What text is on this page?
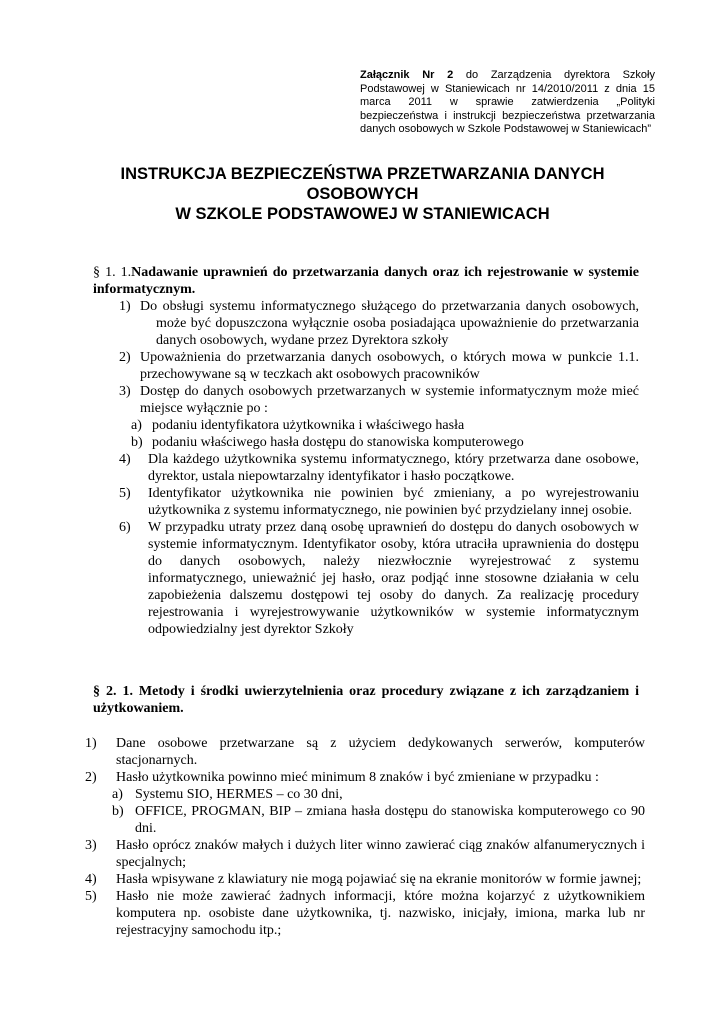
Załącznik Nr 2 do Zarządzenia dyrektora Szkoły Podstawowej w Staniewicach nr 14/2010/2011 z dnia 15 marca 2011 w sprawie zatwierdzenia „Polityki bezpieczeństwa i instrukcji bezpieczeństwa przetwarzania danych osobowych w Szkole Podstawowej w Staniewicach”
INSTRUKCJA BEZPIECZEŃSTWA PRZETWARZANIA DANYCH
OSOBOWYCH
W SZKOLE PODSTAWOWEJ W STANIEWICACH
§ 1. 1.Nadawanie uprawnień do przetwarzania danych oraz ich rejestrowanie w systemie informatycznym.
1) Do obsługi systemu informatycznego służącego do przetwarzania danych osobowych, może być dopuszczona wyłącznie osoba posiadająca upoważnienie do przetwarzania danych osobowych, wydane przez Dyrektora szkoły
2) Upoważnienia do przetwarzania danych osobowych, o których mowa w punkcie 1.1. przechowywane są w teczkach akt osobowych pracowników
3) Dostęp do danych osobowych przetwarzanych w systemie informatycznym może mieć miejsce wyłącznie po :
a) podaniu identyfikatora użytkownika i właściwego hasła
b) podaniu właściwego hasła dostępu do stanowiska komputerowego
4) Dla każdego użytkownika systemu informatycznego, który przetwarza dane osobowe, dyrektor, ustala niepowtarzalny identyfikator i hasło początkowe.
5) Identyfikator użytkownika nie powinien być zmieniany, a po wyrejestrowaniu użytkownika z systemu informatycznego, nie powinien być przydzielany innej osobie.
6) W przypadku utraty przez daną osobę uprawnień do dostępu do danych osobowych w systemie informatycznym. Identyfikator osoby, która utraciła uprawnienia do dostępu do danych osobowych, należy niezwłocznie wyrejestrować z systemu informatycznego, unieważnić jej hasło, oraz podjąć inne stosowne działania w celu zapobieżenia dalszemu dostępowi tej osoby do danych. Za realizację procedury rejestrowania i wyrejestrowywanie użytkowników w systemie informatycznym odpowiedzialny jest dyrektor Szkoły
§ 2. 1. Metody i środki uwierzytelnienia oraz procedury związane z ich zarządzaniem i użytkowaniem.
1) Dane osobowe przetwarzane są z użyciem dedykowanych serwerów, komputerów stacjonarnych.
2) Hasło użytkownika powinno mieć minimum 8 znaków i być zmieniane w przypadku :
a) Systemu SIO, HERMES – co 30 dni,
b) OFFICE, PROGMAN, BIP – zmiana hasła dostępu do stanowiska komputerowego co 90 dni.
3) Hasło oprócz znaków małych i dużych liter winno zawierać ciąg znaków alfanumerycznych i specjalnych;
4) Hasła wpisywane z klawiatury nie mogą pojawiać się na ekranie monitorów w formie jawnej;
5) Hasło nie może zawierać żadnych informacji, które można kojarzyć z użytkownikiem komputera np. osobiste dane użytkownika, tj. nazwisko, inicjały, imiona, marka lub nr rejestracyjny samochodu itp.;
